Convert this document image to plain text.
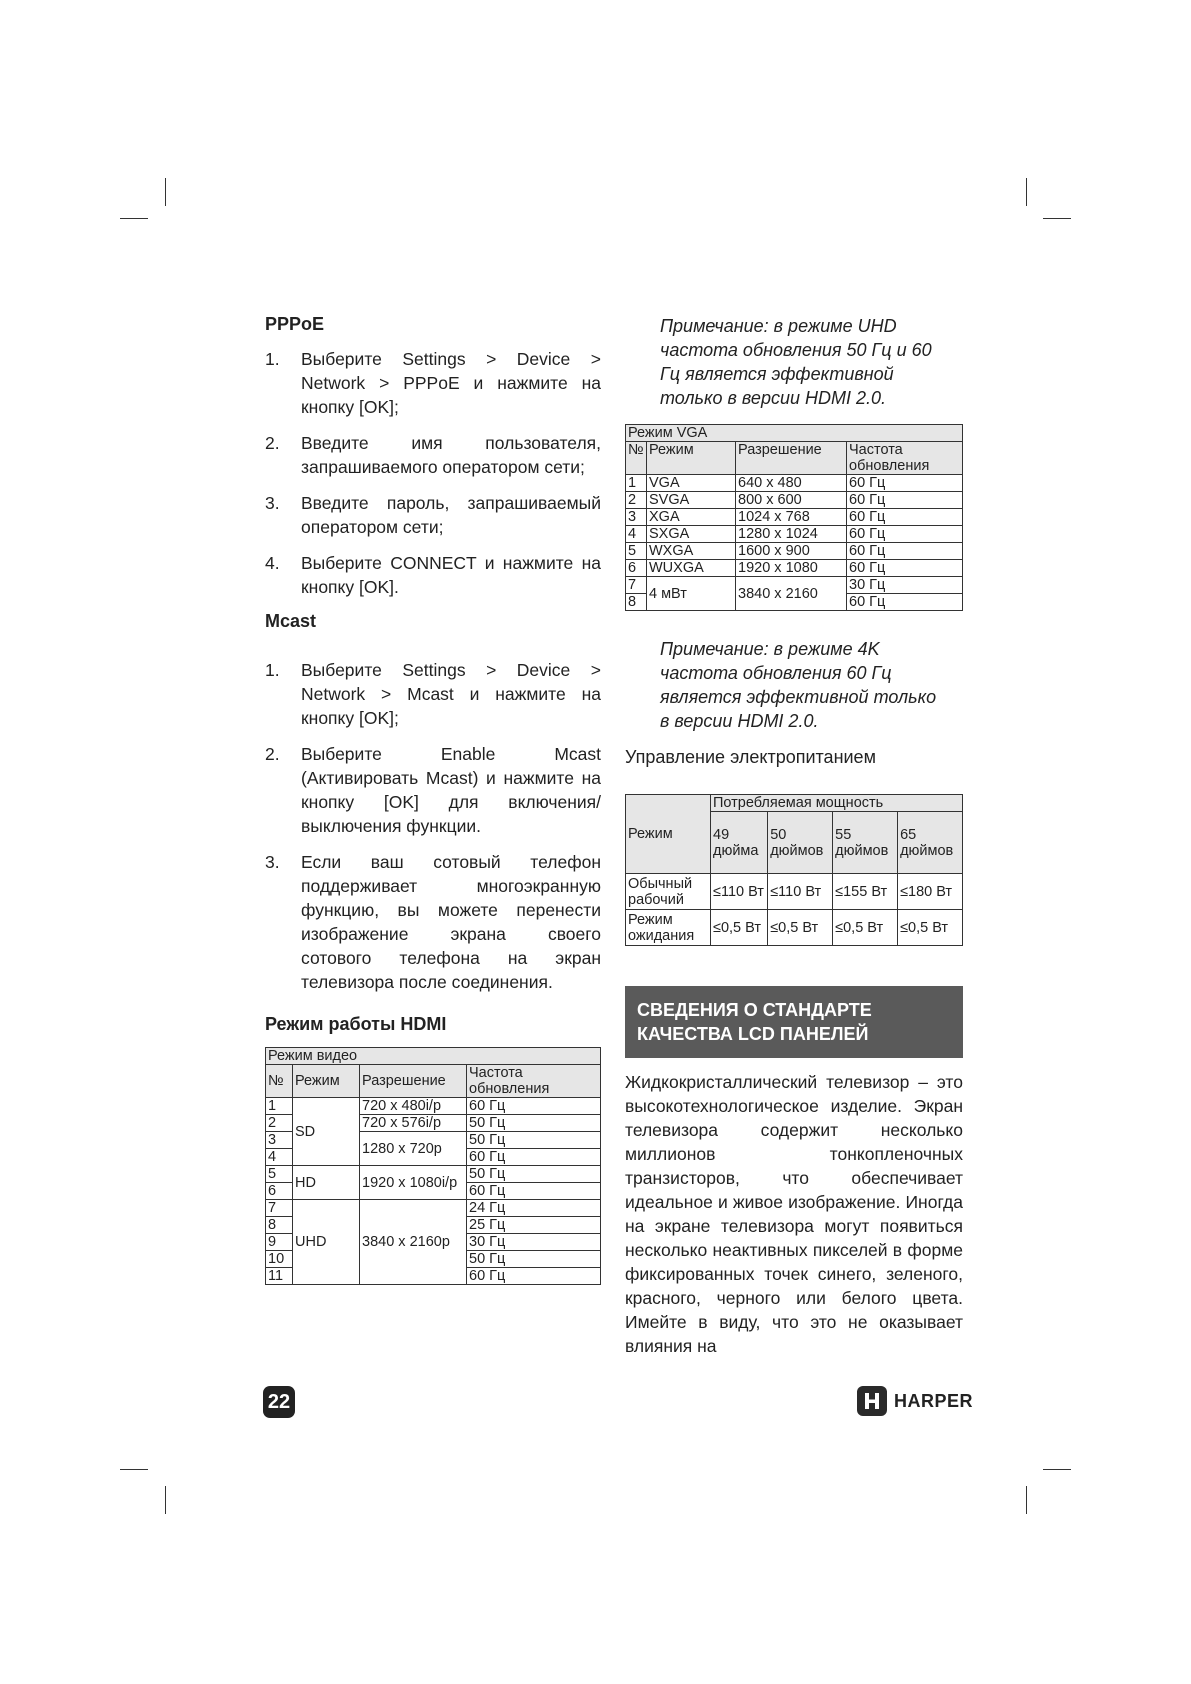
PPPoE
1.	Выберите Settings > Device > Network > PPPoE и нажмите на кнопку [OK];
2.	Введите имя пользователя, запрашиваемого оператором сети;
3.	Введите пароль, запрашиваемый оператором сети;
4.	Выберите CONNECT и нажмите на кнопку [OK].
Mcast
1.	Выберите Settings > Device > Network > Mcast и нажмите на кнопку [OK];
2.	Выберите Enable Mcast (Активировать Mcast) и нажмите на кнопку [OK] для включения/выключения функции.
3.	Если ваш сотовый телефон поддерживает многоэкранную функцию, вы можете перенести изображение экрана своего сотового телефона на экран телевизора после соединения.
Режим работы HDMI
Режим видео			
№	Режим	Разрешение	Частота обновления
1	SD	720 x 480i/p	60 Гц
2		720 x 576i/p	50 Гц
3		1280 x 720p	50 Гц
4			60 Гц
5	HD	1920 x 1080i/p	50 Гц
6			60 Гц
7	UHD	3840 x 2160p	24 Гц
8			25 Гц
9			30 Гц
10			50 Гц
11			60 Гц

Примечание: в режиме UHD частота обновления 50 Гц и 60 Гц является эффективной только в версии HDMI 2.0.

Режим VGA			
№	Режим	Разрешение	Частота обновления
1	VGA	640 x 480	60 Гц
2	SVGA	800 x 600	60 Гц
3	XGA	1024 x 768	60 Гц
4	SXGA	1280 x 1024	60 Гц
5	WXGA	1600 x 900	60 Гц
6	WUXGA	1920 x 1080	60 Гц
7	4 мВт	3840 x 2160	30 Гц
8			60 Гц

Примечание: в режиме 4K частота обновления 60 Гц является эффективной только в версии HDMI 2.0.

Управление электропитанием

Режим	Потребляемая мощность			
	49 дюйма	50 дюймов	55 дюймов	65 дюймов
Обычный рабочий	≤110 Вт	≤110 Вт	≤155 Вт	≤180 Вт
Режим ожидания	≤0,5 Вт	≤0,5 Вт	≤0,5 Вт	≤0,5 Вт
СВЕДЕНИЯ О СТАНДАРТЕ КАЧЕСТВА LCD ПАНЕЛЕЙ

Жидкокристаллический телевизор – это высокотехнологическое изделие. Экран телевизора содержит несколько миллионов тонкопленочных транзисторов, что обеспечивает идеальное и живое изображение. Иногда на экране телевизора могут появиться несколько неактивных пикселей в форме фиксированных точек синего, зеленого, красного, черного или белого цвета. Имейте в виду, что это не оказывает влияния на

22	HARPER
